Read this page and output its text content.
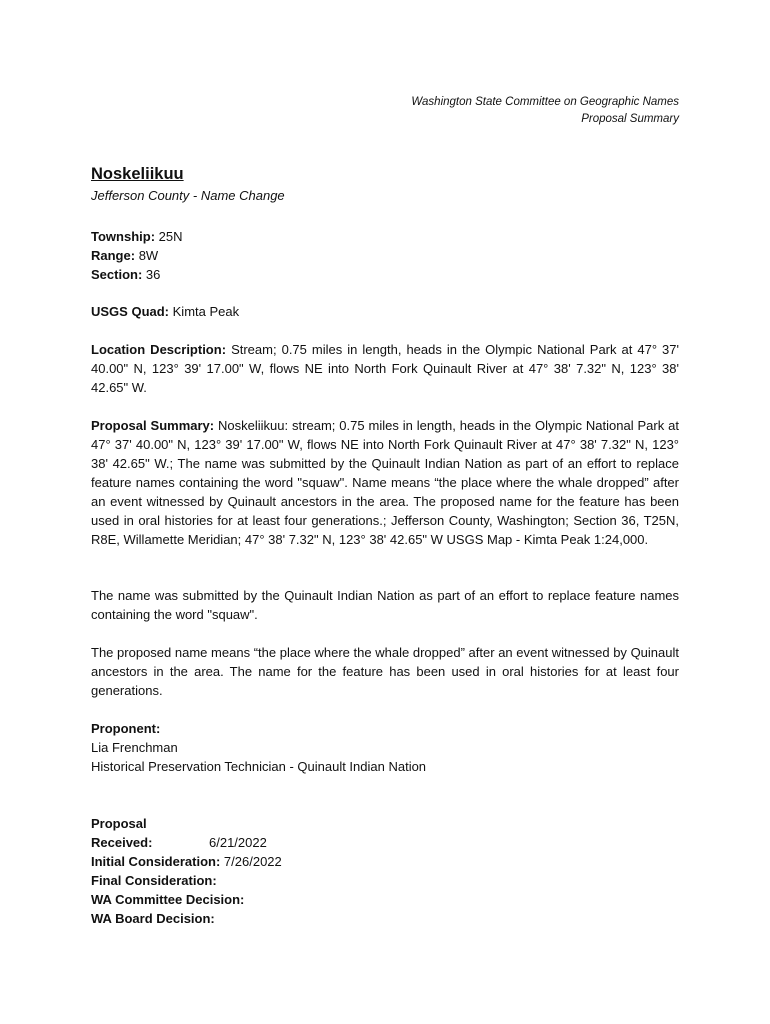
Washington State Committee on Geographic Names
Proposal Summary
Noskeliikuu
Jefferson County - Name Change

Township: 25N

Range: 8W

Section: 36

USGS Quad: Kimta Peak
Location Description: Stream; 0.75 miles in length, heads in the Olympic National Park at 47° 37' 40.00" N, 123° 39' 17.00" W, flows NE into North Fork Quinault River at 47° 38' 7.32" N, 123° 38' 42.65" W.
Proposal Summary: Noskeliikuu: stream; 0.75 miles in length, heads in the Olympic National Park at 47° 37' 40.00" N, 123° 39' 17.00" W, flows NE into North Fork Quinault River at 47° 38' 7.32" N, 123° 38' 42.65" W.; The name was submitted by the Quinault Indian Nation as part of an effort to replace feature names containing the word "squaw". Name means “the place where the whale dropped” after an event witnessed by Quinault ancestors in the area. The proposed name for the feature has been used in oral histories for at least four generations.; Jefferson County, Washington; Section 36, T25N, R8E, Willamette Meridian; 47° 38' 7.32" N, 123° 38' 42.65" W USGS Map - Kimta Peak 1:24,000.
The name was submitted by the Quinault Indian Nation as part of an effort to replace feature names containing the word "squaw".
The proposed name means “the place where the whale dropped” after an event witnessed by Quinault ancestors in the area. The name for the feature has been used in oral histories for at least four generations.

Proponent:

Lia Frenchman

Historical Preservation Technician - Quinault Indian Nation

Proposal Received:	6/21/2022

Initial Consideration: 7/26/2022

Final Consideration:

WA Committee Decision:

WA Board Decision:
